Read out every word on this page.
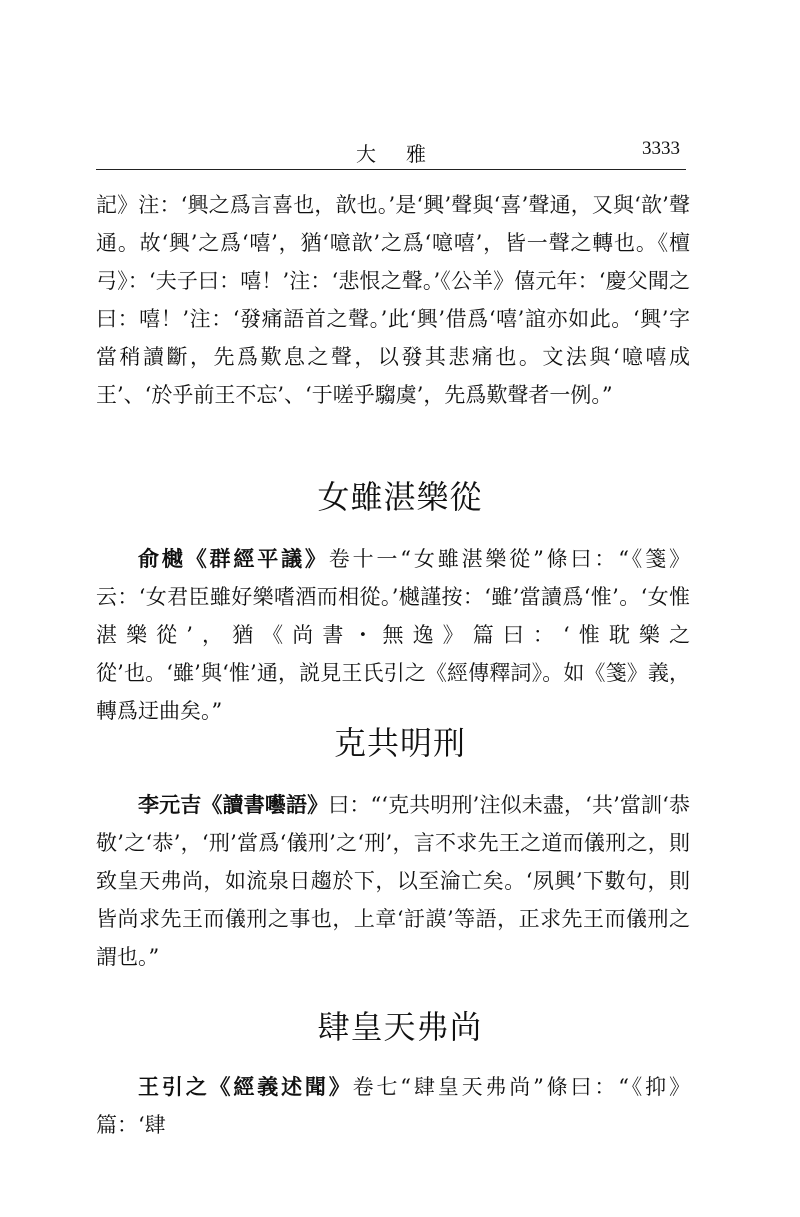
大雅	3333

記》注：‘興之爲言喜也，歆也。’是‘興’聲與‘喜’聲通，又與‘歆’聲通。故‘興’之爲‘嘻’，猶‘噫歆’之爲‘噫嘻’，皆一聲之轉也。《檀弓》：‘夫子曰：嘻！’注：‘悲恨之聲。’《公羊》僖元年：‘慶父聞之曰：嘻！’注：‘發痛語首之聲。’此‘興’借爲‘嘻’誼亦如此。‘興’字當稍讀斷，先爲歎息之聲，以發其悲痛也。文法與‘噫嘻成王’、‘於乎前王不忘’、‘于嗟乎騶虞’，先爲歎聲者一例。”

女雖湛樂從

俞樾《群經平議》卷十一“女雖湛樂從”條曰：“《箋》云：‘女君臣雖好樂嗜酒而相從。’樾謹按：‘雖’當讀爲‘惟’。‘女惟湛樂從’，猶《尚書・無逸》篇曰：‘惟耽樂之從’也。‘雖’與‘惟’通，説見王氏引之《經傳釋詞》。如《箋》義，轉爲迂曲矣。”

克共明刑

李元吉《讀書囈語》曰：“‘克共明刑’注似未盡，‘共’當訓‘恭敬’之‘恭’，‘刑’當爲‘儀刑’之‘刑’，言不求先王之道而儀刑之，則致皇天弗尚，如流泉日趨於下，以至淪亡矣。‘夙興’下數句，則皆尚求先王而儀刑之事也，上章‘訏謨’等語，正求先王而儀刑之謂也。”

肆皇天弗尚

王引之《經義述聞》卷七“肆皇天弗尚”條曰：“《抑》篇：‘肆
